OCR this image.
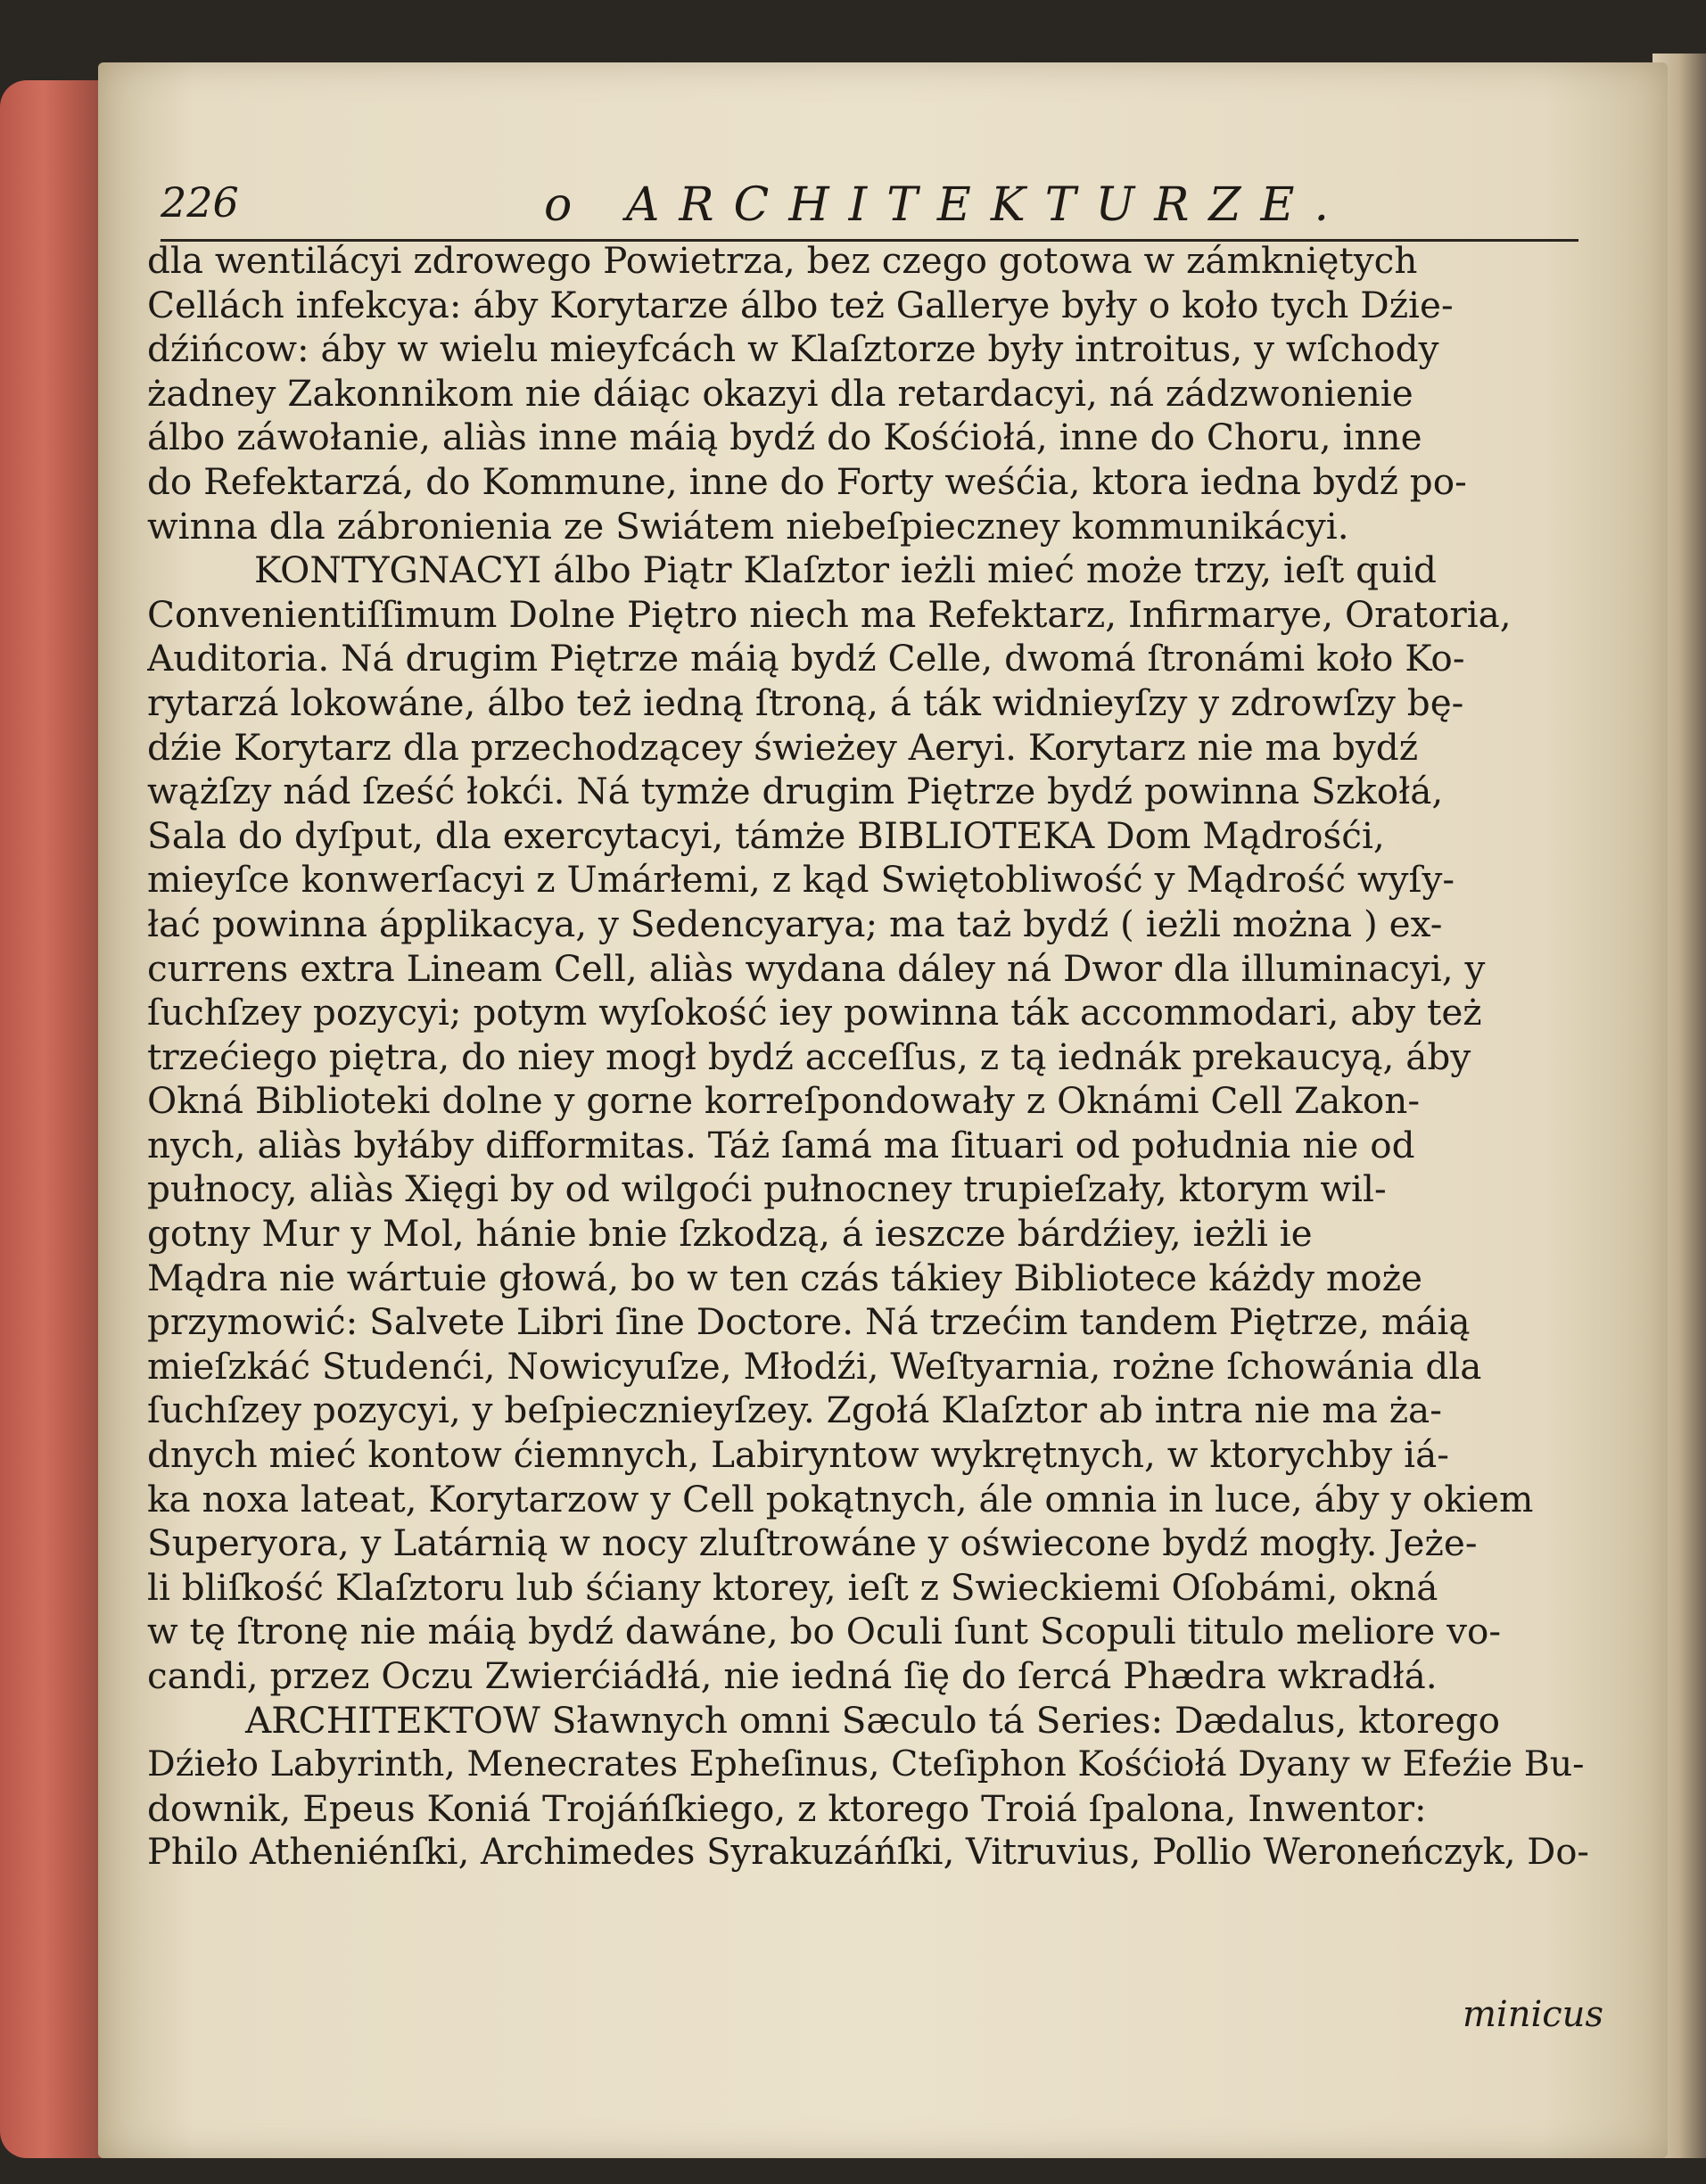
226	o ARCHITEKTURZE.
dla wentilácyi zdrowego Powietrza, bez czego gotowa w zámkniętych
Cellách infekcya: áby Korytarze álbo też Gallerye były o koło tych Dźie-
dźińcow: áby w wielu mieyfcách w Klaſztorze były introitus, y wſchody
żadney Zakonnikom nie dáiąc okazyi dla retardacyi, ná zádzwonienie
álbo záwołanie, aliàs inne máią bydź do Kośćiołá, inne do Choru, inne
do Refektarzá, do Kommune, inne do Forty weśćia, ktora iedna bydź po-
winna dla zábronienia ze Swiátem niebeſpieczney kommunikácyi.
KONTYGNACYI álbo Piątr Klaſztor ieżli mieć może trzy, ieſt quid
Convenientiſſimum Dolne Piętro niech ma Refektarz, Infirmarye, Oratoria,
Auditoria. Ná drugim Piętrze máią bydź Celle, dwomá ſtronámi koło Ko-
rytarzá lokowáne, álbo też iedną ſtroną, á ták widnieyſzy y zdrowſzy bę-
dźie Korytarz dla przechodzącey świeżey Aeryi. Korytarz nie ma bydź
wążſzy nád ſześć łokći. Ná tymże drugim Piętrze bydź powinna Szkołá,
Sala do dyſput, dla exercytacyi, támże BIBLIOTEKA Dom Mądrośći,
mieyſce konwerſacyi z Umárłemi, z kąd Swiętobliwość y Mądrość wyſy-
łać powinna ápplikacya, y Sedencyarya; ma taż bydź ( ieżli można ) ex-
currens extra Lineam Cell, aliàs wydana dáley ná Dwor dla illuminacyi, y
ſuchſzey pozycyi; potym wyſokość iey powinna ták accommodari, aby też
trzećiego piętra, do niey mogł bydź acceſſus, z tą iednák prekaucyą, áby
Okná Biblioteki dolne y gorne korreſpondowały z Oknámi Cell Zakon-
nych, aliàs byłáby difformitas. Táż ſamá ma ſituari od południa nie od
pułnocy, aliàs Xięgi by od wilgoći pułnocney trupieſzały, ktorym wil-
gotny Mur y Mol, hánie bnie ſzkodzą, á ieszcze bárdźiey, ieżli ie
Mądra nie wártuie głowá, bo w ten czás tákiey Bibliotece káżdy może
przymowić: Salvete Libri ſine Doctore. Ná trzećim tandem Piętrze, máią
mieſzkáć Studenći, Nowicyuſze, Młodźi, Weſtyarnia, rożne ſchowánia dla
ſuchſzey pozycyi, y beſpiecznieyſzey. Zgołá Klaſztor ab intra nie ma ża-
dnych mieć kontow ćiemnych, Labiryntow wykrętnych, w ktorychby iá-
ka noxa lateat, Korytarzow y Cell pokątnych, ále omnia in luce, áby y okiem
Superyora, y Latárnią w nocy zluſtrowáne y oświecone bydź mogły. Jeże-
li bliſkość Klaſztoru lub śćiany ktorey, ieſt z Swieckiemi Oſobámi, okná
w tę ſtronę nie máią bydź dawáne, bo Oculi ſunt Scopuli titulo meliore vo-
candi, przez Oczu Zwierćiádłá, nie iedná ſię do ſercá Phædra wkradłá.
ARCHITEKTOW Sławnych omni Sæculo tá Series: Dædalus, ktorego
Dźieło Labyrinth, Menecrates Epheſinus, Cteſiphon Kośćiołá Dyany w Efeźie Bu-
downik, Epeus Koniá Trojáńſkiego, z ktorego Troiá ſpalona, Inwentor:
Philo Atheniénſki, Archimedes Syrakuzáńſki, Vitruvius, Pollio Weroneńczyk, Do-
minicus
